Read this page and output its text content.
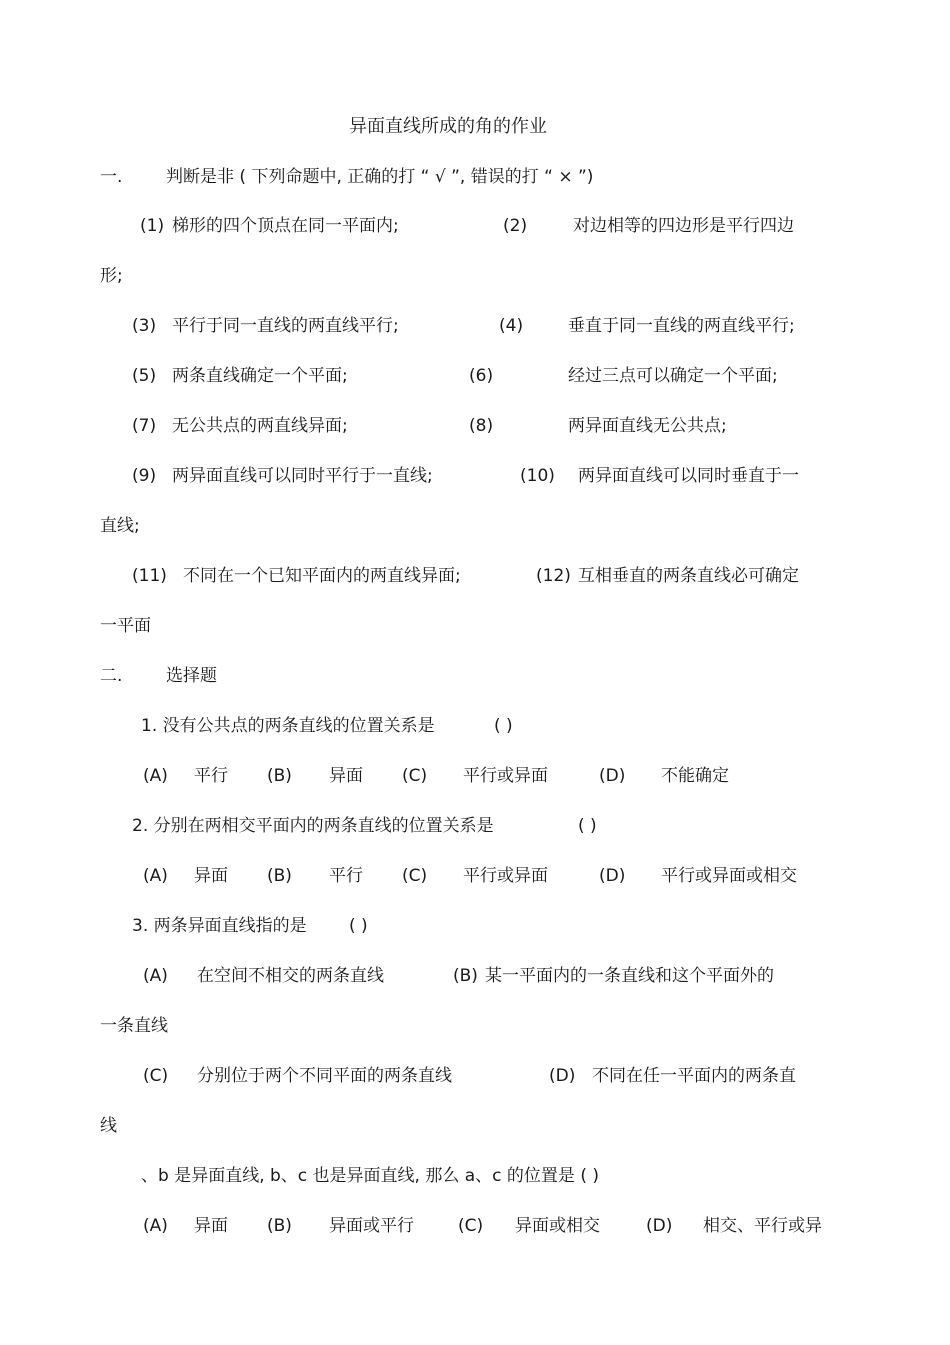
异面直线所成的角的作业
一.	判断是非 ( 下列命题中, 正确的打 “ √ ”, 错误的打 “ × ”)
(1) 梯形的四个顶点在同一平面内;	(2)	对边相等的四边形是平行四边
形;
(3) 平行于同一直线的两直线平行;	(4)	垂直于同一直线的两直线平行;
(5) 两条直线确定一个平面;	(6)	经过三点可以确定一个平面;
(7) 无公共点的两直线异面;	(8)	两异面直线无公共点;
(9) 两异面直线可以同时平行于一直线;	(10) 两异面直线可以同时垂直于一
直线;
(11) 不同在一个已知平面内的两直线异面;	(12) 互相垂直的两条直线必可确定
一平面
二.	选择题
1. 没有公共点的两条直线的位置关系是	( )
(A) 平行 (B) 异面 (C) 平行或异面	(D) 不能确定
2. 分别在两相交平面内的两条直线的位置关系是	( )
(A) 异面 (B) 平行 (C) 平行或异面	(D) 平行或异面或相交
3. 两条异面直线指的是 ( )
(A) 在空间不相交的两条直线	(B) 某一平面内的一条直线和这个平面外的
一条直线
(C) 分别位于两个不同平面的两条直线	(D) 不同在任一平面内的两条直
线
、b 是异面直线, b、c 也是异面直线, 那么 a、c 的位置是 ( )
(A) 异面 (B) 异面或平行	(C) 异面或相交	(D) 相交、平行或异
